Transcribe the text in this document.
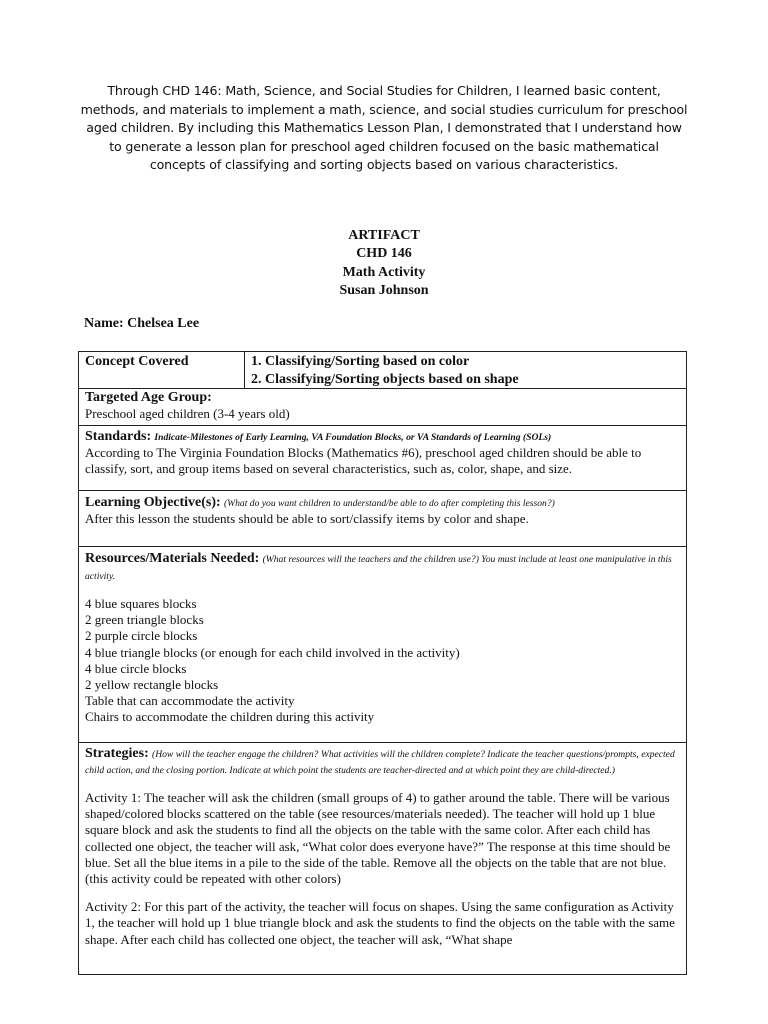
Through CHD 146: Math, Science, and Social Studies for Children, I learned basic content, methods, and materials to implement a math, science, and social studies curriculum for preschool aged children. By including this Mathematics Lesson Plan, I demonstrated that I understand how to generate a lesson plan for preschool aged children focused on the basic mathematical concepts of classifying and sorting objects based on various characteristics.
ARTIFACT
CHD 146
Math Activity
Susan Johnson
Name: Chelsea Lee
Concept Covered	1. Classifying/Sorting based on color
2. Classifying/Sorting objects based on shape

Targeted Age Group:
Preschool aged children (3-4 years old)

Standards: Indicate-Milestones of Early Learning, VA Foundation Blocks, or VA Standards of Learning (SOLs)
According to The Virginia Foundation Blocks (Mathematics #6), preschool aged children should be able to classify, sort, and group items based on several characteristics, such as, color, shape, and size.

Learning Objective(s): (What do you want children to understand/be able to do after completing this lesson?)
After this lesson the students should be able to sort/classify items by color and shape.

Resources/Materials Needed: (What resources will the teachers and the children use?) You must include at least one manipulative in this activity.
4 blue squares blocks
2 green triangle blocks
2 purple circle blocks
4 blue triangle blocks (or enough for each child involved in the activity)
4 blue circle blocks
2 yellow rectangle blocks
Table that can accommodate the activity
Chairs to accommodate the children during this activity

Strategies: (How will the teacher engage the children? What activities will the children complete? Indicate the teacher questions/prompts, expected child action, and the closing portion. Indicate at which point the students are teacher-directed and at which point they are child-directed.)

Activity 1: The teacher will ask the children (small groups of 4) to gather around the table. There will be various shaped/colored blocks scattered on the table (see resources/materials needed). The teacher will hold up 1 blue square block and ask the students to find all the objects on the table with the same color. After each child has collected one object, the teacher will ask, “What color does everyone have?” The response at this time should be blue. Set all the blue items in a pile to the side of the table. Remove all the objects on the table that are not blue. (this activity could be repeated with other colors)

Activity 2: For this part of the activity, the teacher will focus on shapes. Using the same configuration as Activity 1, the teacher will hold up 1 blue triangle block and ask the students to find the objects on the table with the same shape. After each child has collected one object, the teacher will ask, “What shape
